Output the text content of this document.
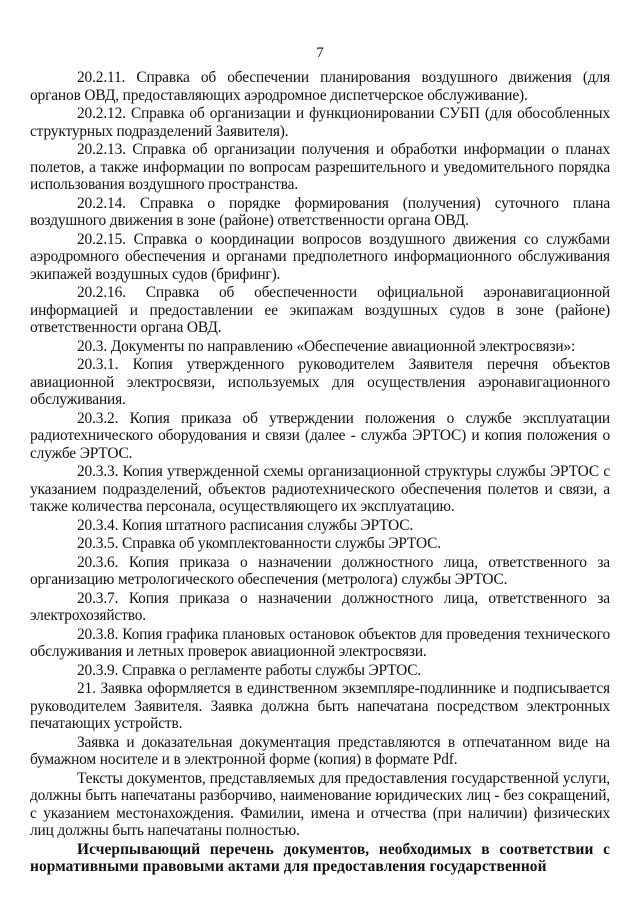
7

20.2.11. Справка об обеспечении планирования воздушного движения (для органов ОВД, предоставляющих аэродромное диспетчерское обслуживание).

20.2.12. Справка об организации и функционировании СУБП (для обособленных структурных подразделений Заявителя).

20.2.13. Справка об организации получения и обработки информации о планах полетов, а также информации по вопросам разрешительного и уведомительного порядка использования воздушного пространства.

20.2.14. Справка о порядке формирования (получения) суточного плана воздушного движения в зоне (районе) ответственности органа ОВД.

20.2.15. Справка о координации вопросов воздушного движения со службами аэродромного обеспечения и органами предполетного информационного обслуживания экипажей воздушных судов (брифинг).

20.2.16. Справка об обеспеченности официальной аэронавигационной информацией и предоставлении ее экипажам воздушных судов в зоне (районе) ответственности органа ОВД.

20.3. Документы по направлению «Обеспечение авиационной электросвязи»:

20.3.1. Копия утвержденного руководителем Заявителя перечня объектов авиационной электросвязи, используемых для осуществления аэронавигационного обслуживания.

20.3.2. Копия приказа об утверждении положения о службе эксплуатации радиотехнического оборудования и связи (далее - служба ЭРТОС) и копия положения о службе ЭРТОС.

20.3.3. Копия утвержденной схемы организационной структуры службы ЭРТОС с указанием подразделений, объектов радиотехнического обеспечения полетов и связи, а также количества персонала, осуществляющего их эксплуатацию.

20.3.4. Копия штатного расписания службы ЭРТОС.

20.3.5. Справка об укомплектованности службы ЭРТОС.

20.3.6. Копия приказа о назначении должностного лица, ответственного за организацию метрологического обеспечения (метролога) службы ЭРТОС.

20.3.7. Копия приказа о назначении должностного лица, ответственного за электрохозяйство.

20.3.8. Копия графика плановых остановок объектов для проведения технического обслуживания и летных проверок авиационной электросвязи.

20.3.9. Справка о регламенте работы службы ЭРТОС.

21. Заявка оформляется в единственном экземпляре-подлиннике и подписывается руководителем Заявителя. Заявка должна быть напечатана посредством электронных печатающих устройств.

Заявка и доказательная документация представляются в отпечатанном виде на бумажном носителе и в электронной форме (копия) в формате Pdf.

Тексты документов, представляемых для предоставления государственной услуги, должны быть напечатаны разборчиво, наименование юридических лиц - без сокращений, с указанием местонахождения. Фамилии, имена и отчества (при наличии) физических лиц должны быть напечатаны полностью.

Исчерпывающий перечень документов, необходимых в соответствии с нормативными правовыми актами для предоставления государственной
